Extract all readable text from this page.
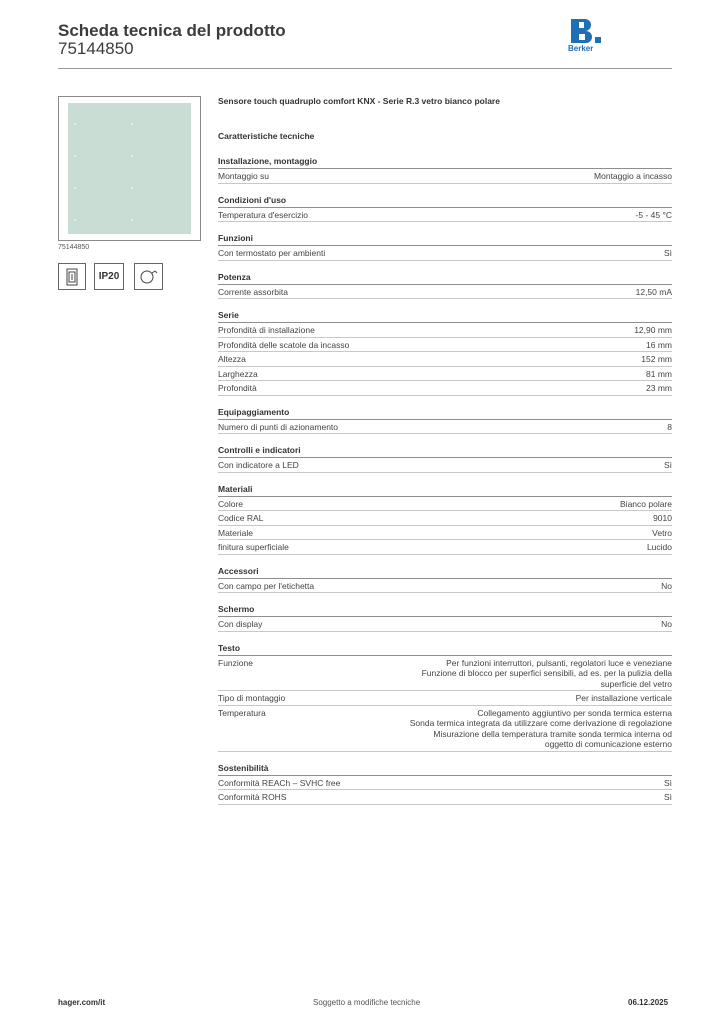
Scheda tecnica del prodotto
75144850	Berker
75144850
IP20
Sensore touch quadruplo comfort KNX - Serie R.3 vetro bianco polare
Caratteristiche tecniche
Installazione, montaggio
Montaggio su	Montaggio a incasso
Condizioni d'uso
Temperatura d'esercizio	-5 - 45 °C
Funzioni
Con termostato per ambienti	Sì
Potenza
Corrente assorbita	12,50 mA
Serie
Profondità di installazione	12,90 mm
Profondità delle scatole da incasso	16 mm
Altezza	152 mm
Larghezza	81 mm
Profondità	23 mm
Equipaggiamento
Numero di punti di azionamento	8
Controlli e indicatori
Con indicatore a LED	Sì
Materiali
Colore	Bianco polare
Codice RAL	9010
Materiale	Vetro
finitura superficiale	Lucido
Accessori
Con campo per l'etichetta	No
Schermo
Con display	No
Testo
Funzione	Per funzioni interruttori, pulsanti, regolatori luce e veneziane
Funzione di blocco per superfici sensibili, ad es. per la pulizia della
superficie del vetro
Tipo di montaggio	Per installazione verticale
Temperatura	Collegamento aggiuntivo per sonda termica esterna
Sonda termica integrata da utilizzare come derivazione di regolazione
Misurazione della temperatura tramite sonda termica interna od
oggetto di comunicazione esterno
Sostenibilità
Conformità REACh – SVHC free	Sì
Conformità ROHS	Sì
hager.com/it	Soggetto a modifiche tecniche	06.12.2025
